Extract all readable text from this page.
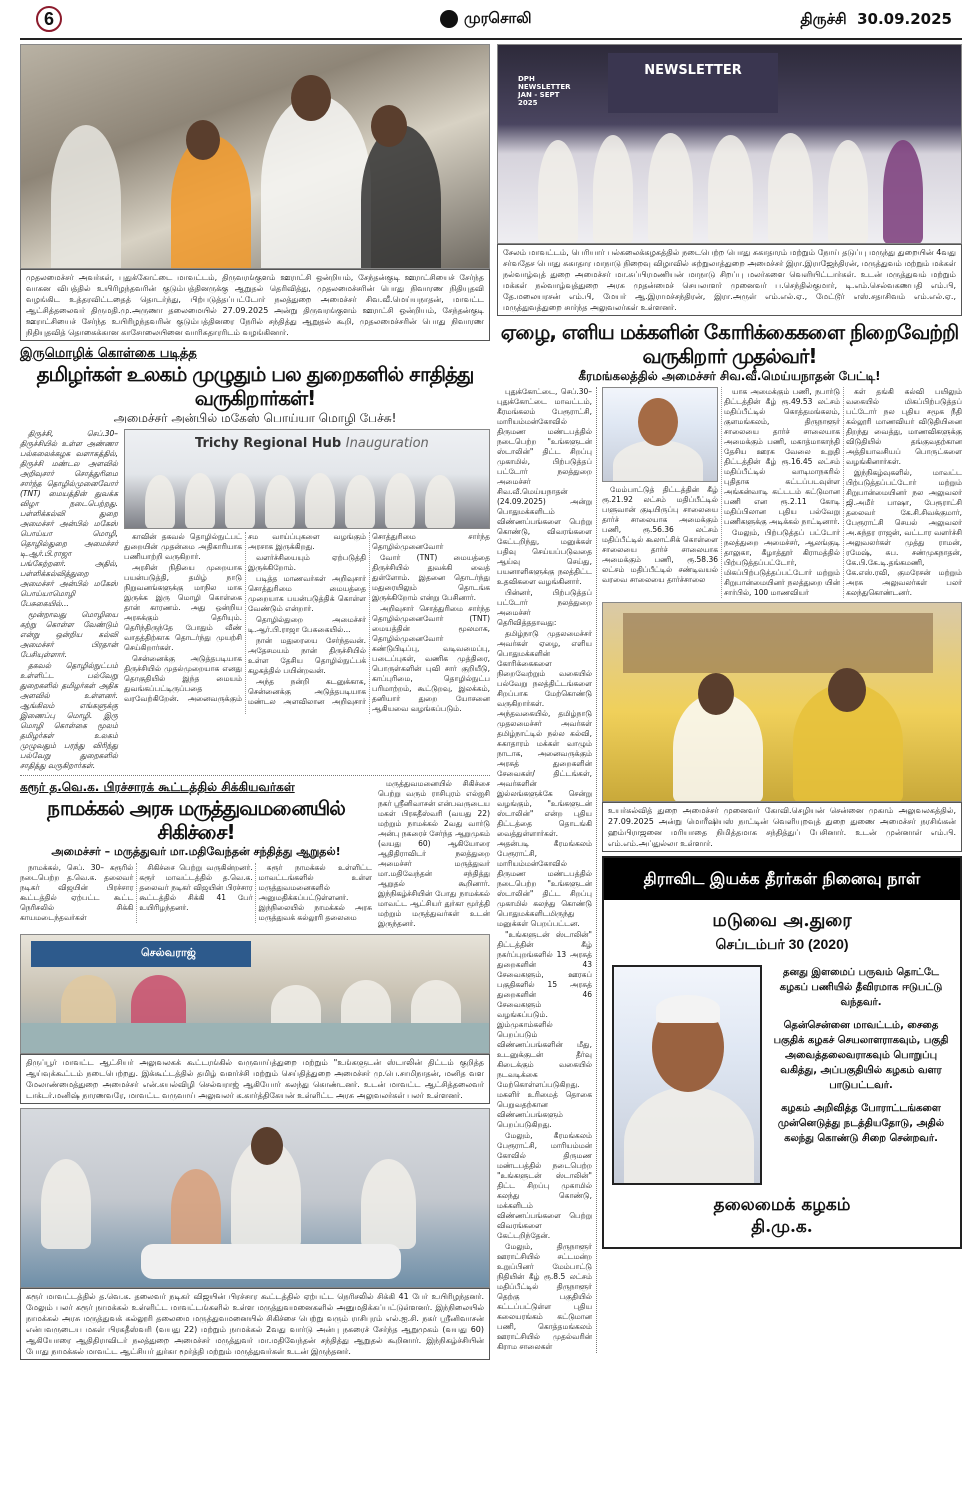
6	முரசொலி	திருச்சி 30.09.2025
முதலமைச்சர் அவர்கள், புதுக்கோட்டை மாவட்டம், திருவரங்குளம் ஊராட்சி ஒன்றியம், சேந்தன்குடி ஊராட்சியைச் சேர்ந்த வாகன விபத்தில் உயிரிழந்தவரின் குடும்பத்தினருக்கு ஆறுதல் தெரிவித்து, முதலமைச்சரின் பொது நிவாரண நிதியுதவி வழங்கிட உத்தரவிட்டதைத் தொடர்ந்து, பிற்படுத்தப்பட்டோர் நலத்துறை அமைச்சர் சிவ.வீ.மெய்யநாதன், மாவட்ட ஆட்சித்தலைவர் திருமதி.மு.அருணா தலைமையில் 27.09.2025 அன்று திருவரங்குளம் ஊராட்சி ஒன்றியம், சேந்தன்குடி ஊராட்சியைச் சேர்ந்த உயிரிழந்தவரின் குடும்பத்தினரை நேரில் சந்தித்து ஆறுதல் கூறி, முதலமைச்சரின் பொது நிவாரண நிதியுதவித் தொகைக்கான காசோலையினை வாரிசுதாரரிடம் வழங்கினார்.
இருமொழிக் கொள்கை படித்த
தமிழர்கள் உலகம் முழுதும் பல துறைகளில் சாதித்து வருகிறார்கள்!
அமைச்சர் அன்பில் மகேஸ் பொய்யா மொழி பேச்சு!

திருச்சி, செப்.30– திருச்சியில் உள்ள அண்ணா பல்கலைக்கழக வளாகத்தில், திருச்சி மண்டல அளவில் அறிவுசார் சொத்துரிமை சார்ந்த தொழில்முனைவோர் (TNT) மையத்தின் துவக்க விழா நடைபெற்றது. பள்ளிக்கல்வி துறை அமைச்சர் அன்பில் மகேஸ் பொய்யா மொழி, தொழில்துறை அமைச்சர் டி.ஆர்.பி.ராஜா பங்கேற்றனர். அதில், பள்ளிக்கல்வித்துறை அமைச்சர் அன்பில் மகேஸ் பொய்யாமொழி பேசுகையில்...

மூன்றாவது மொழியை கற்று கொள்ள வேண்டும் என்று ஒன்றிய கல்வி அமைச்சர் பிரதான் பேசியுள்ளார்.

தகவல் தொழில்நுட்பம் உள்ளிட்ட பல்வேறு துறைகளில் தமிழர்கள் அதிக அளவில் உள்ளனர். ஆங்கிலம் எங்களுக்கு இணைப்பு மொழி. இரு மொழி கொள்கை மூலம் தமிழர்கள் உலகம் முழுவதும் பரந்து விரிந்து பல்வேறு துறைகளில் சாதித்து வருகிறார்கள்.

Trichy Regional Hub Inauguration

காவின் தகவல் தொழில்நுட்பட் துறையின் முதன்மை அதிகாரியாக பணியாற்றி வருகிறார்.

அரசின் நிதியை முறையாக பயன்படுத்தி, தமிழ் நாடு நிறுவனங்களுக்கு மாநில மாக இருக்க இரு மொழி கொள்கை தான் காரணம். அது ஒன்றிய அரசுக்கும் தெரியும். தெரிந்திருந்தே போதும் வீண் வாதத்திற்காக தொடர்ந்து முயற்சி செய்கிறார்கள்.

சென்னைக்கு அடுத்தபடியாக திருச்சியில் முதல்முறையாக எனது தொகுதியில் இந்த மையம் துவங்கப்பட்டிருப்பதை வரவேற்கிறேன். அனைவருக்கும் சம வாய்ப்புகளை வழங்கும் அரசாக இருக்கிறது.

வளர்ச்சியையும் ஏற்படுத்தி இருக்கிறோம்.

படித்த மாணவர்கள் அறிவுசார் சொத்துரிமை மையத்தை முறையாக பயன்படுத்திக் கொள்ள வேண்டும் என்றார்.

தொழில்துறை அமைச்சர் டி.ஆர்.பி.ராஜா பேசுகையில்...

நான் மதுரையை சேர்ந்தவன். அதேசமயம் நான் திருச்சியில் உள்ள தேசிய தொழில்நுட்பக் கழகத்தில் பயின்றவன்.

அந்த நன்றி கடனுக்காக, சென்னைக்கு அடுத்தபடியாக மண்டல அளவிலான அறிவுசார் சொத்துரிமை சார்ந்த தொழில்முனைவோர்

வோர் (TNT) மையத்தை திருச்சியில் துவக்கி வைத் துள்ளோம். இதனை தொடர்ந்து மதுரையிலும் தொடங்க இருக்கிறோம் என்று பேசினார்.

அறிவுசார் சொத்துரிமை சார்ந்த தொழில்முனைவோர் (TNT) மையத்தின் மூலமாக, தொழில்முனைவோர் கண்டுபிடிப்பு, வடிவமைப்பு, படைப்புகள், வணிக முத்திரை, பொருள்களின் புவி சார் குறியீடு, காப்புரிமை, தொழில்நுட்ப பரிமாற்றம், கூட்டுறவு, இலக்கம், தனியார் துறை யோசனை ஆகியவை வழங்கப்படும்.

கரூர் த.வெ.க. பிரச்சாரக் கூட்டத்தில் சிக்கியவர்கள்
நாமக்கல் அரசு மருத்துவமனையில் சிகிச்சை!
அமைச்சர் – மருத்துவர் மா.மதிவேந்தன் சந்தித்து ஆறுதல்!

நாமக்கல், செப். 30– கரூரில் நடைபெற்ற த.வெ.க. தலைவர் நடிகர் விஜயின் பிரச்சார கூட்டத்தில் ஏற்பட்ட கூட்ட நெரிசலில் சிக்கி காயமடைந்தவர்கள்

சிகிச்சை பெற்று வருகின்றனர். கரூர் மாவட்டத்தில் த.வெ.க. தலைவர் நடிகர் விஜயின் பிரச்சார கூட்டத்தில் சிக்கி 41 பேர் உயிரிழந்தனர்.

கரூர் நாமக்கல் உள்ளிட்ட மாவட்டங்களில் உள்ள மருத்துவமனைகளில் அனுமதிக்கப்பட்டுள்ளனர். இந்நிலையில் நாமக்கல் அரசு மருத்துவக் கல்லூரி தலைமை

மருத்துவமனையில் சிகிச்சை பெற்று வரும் ராசிபுரம் எல்ஐசி நகர் ஸ்ரீனிவாசன் என்பவருடைய மகள் பிரகதீஸ்வரி (வயது 22) மற்றும் நாமக்கல் 2வது வார்டு அன்பு நகரைச் சேர்ந்த ஆறுமுகம் (வயது 60) ஆகியோரை ஆதிதிராவிடர் நலத்துறை அமைச்சர் மருத்துவர் மா.மதிவேந்தன் சந்தித்து ஆறுதல் கூறினார். இந்நிகழ்ச்சியின் போது நாமக்கல் மாவட்ட ஆட்சியர் துர்கா மூர்த்தி மற்றும் மருத்துவர்கள் உடன் இருந்தனர்.

செல்வராஜ்
திருப்பூர் மாவட்ட ஆட்சியர் அலுவலகக் கூட்டரங்கில் வருவாய்த்துறை மற்றும் "உங்களுடன் ஸ்டாலின் திட்டம் குறித்த ஆய்வுக்கூட்டம் நடைபெற்றது. இக்கூட்டத்தில் தமிழ் வளர்ச்சி மற்றும் செய்தித்துறை அமைச்சர் மு.பெ.சாமிநாதன், மனித வள மேலாண்மைத்துறை அமைச்சர் என்.கயல்விழி செல்வராஜ் ஆகியோர் கலந்து கொண்டனர். உடன் மாவட்ட ஆட்சித்தலைவர் டாக்டர்.மனிஷ் நாரணவரே, மாவட்ட வருவாய் அலுவலர் க.கார்த்திகேயன் உள்ளிட்ட அரசு அலுவலர்கள் பலர் உள்ளனர்.
கரூர் மாவட்டத்தில் த.வெ.க. தலைவர் நடிகர் விஜயின் பிரச்சார கூட்டத்தில் ஏற்பட்ட நெரிசலில் சிக்கி 41 பேர் உயிரிழந்தனர். மேலும் பலர் கரூர் நாமக்கல் உள்ளிட்ட மாவட்டங்களில் உள்ள மருத்துவமனைகளில் அனுமதிக்கப்பட்டுள்ளனர். இந்நிலையில் நாமக்கல் அரசு மருத்துவக் கல்லூரி தலைமை மருத்துவமனையில் சிகிச்சை பெற்று வரும் ராசிபுரம் எல்.ஐ.சி. நகர் ஸ்ரீனிவாசன் என்பவருடைய மகள் பிரகதீஸ்வரி (வயது 22) மற்றும் நாமக்கல் 2வது வார்டு அன்பு நகரைச் சேர்ந்த ஆறுமுகம் (வயது 60) ஆகியோரை ஆதிதிராவிடர் நலத்துறை அமைச்சர் மருத்துவர் மா.மதிவேந்தன் சந்தித்து ஆறுதல் கூறினார். இந்நிகழ்ச்சியின் போது நாமக்கல் மாவட்ட ஆட்சியர் துர்கா மூர்த்தி மற்றும் மருத்துவர்கள் உடன் இருந்தனர்.
NEWSLETTER
DPH NEWSLETTER JAN - SEPT 2025
சேலம் மாவட்டம், பெரியார் பல்கலைக்கழகத்தில் நடைபெற்ற பொது சுகாதாரம் மற்றும் நோய் தடுப்பு மருந்து துறையின் 4வது சர்வதேச பொது சுகாதார மாநாடு நிறைவு விழாவில் சுற்றுலாத்துறை அமைச்சர் இரா.இராஜேந்திரன், மருத்துவம் மற்றும் மக்கள் நல்வாழ்வுத் துறை அமைச்சர் மா.சுப்பிரமணியன் மாநாடு சிறப்பு மலர்களை வெளியிட்டார்கள். உடன் மருத்துவம் மற்றும் மக்கள் நல்வாழ்வுத்துறை அரசு முதன்மைச் செயலாளர் முனைவர் ப.செந்தில்குமார், டி.எம்.செல்வகணபதி எம்.பி, தே.மலையரசன் எம்.பி, மேயர் ஆ.இராமச்சந்திரன், இரா.அருள் எம்.எல்.ஏ., மேட்டூர் எஸ்.சதாசிவம் எம்.எல்.ஏ., மருத்துவத்துறை சார்ந்த அலுவலர்கள் உள்ளனர்.
ஏழை, எளிய மக்களின் கோரிக்கைகளை நிறைவேற்றி வருகிறார் முதல்வர்!
கீரமங்கலத்தில் அமைச்சர் சிவ.வீ.மெய்யநாதன் பேட்டி!

புதுக்கோட்டை, செப்.30– புதுக்கோட்டை மாவட்டம், கீரமங்கலம் பேரூராட்சி, மாரியம்மன்கோவில் திருமண மண்டபத்தில் நடைபெற்ற "உங்களுடன் ஸ்டாலின்" திட்ட சிறப்பு முகாமில், பிற்படுத்தப் பட்டோர் நலத்துறை அமைச்சர் சிவ.வீ.மெய்யநாதன் (24.09.2025) அன்று பொதுமக்களிடம் விண்ணப்பங்களை பெற்று கொண்டு, விவரங்களை கேட்டறிந்து, மனுக்கள் பதிவு செய்யப்படுவதை ஆய்வு செய்து, பயனாளிகளுக்கு நலத்திட்ட உதவிகளை வழங்கினார்.

பின்னர், பிற்படுத்தப் பட்டோர் நலத்துறை அமைச்சர் தெரிவித்ததாவது:

தமிழ்நாடு முதலமைச்சர் அவர்கள் ஏழை, எளிய பொதுமக்களின் கோரிக்கைகளை நிறைவேற்றும் வகையில் பல்வேறு நலத்திட்டங்களை சிறப்பாக மேற்கொண்டு வருகிறார்கள். அந்தவகையில், தமிழ்நாடு முதலமைச்சர் அவர்கள் தமிழ்நாட்டில் நல்ல கல்வி, சுகாதாரம் மக்கள் வாழும் நாடாக, அனைவருக்கும் அரசுத் துறைகளின் சேவைகள்/ திட்டங்கள், அவர்களின் இல்லங்களுக்கே சென்று வழங்கும், "உங்களுடன் ஸ்டாலின்" என்ற புதிய திட்டத்தை தொடங்கி வைத்துள்ளார்கள். அதன்படி கீரமங்கலம் பேரூராட்சி, மாரியம்மன்கோவில் திருமண மண்டபத்தில் நடைபெற்ற "உங்களுடன் ஸ்டாலின்" திட்ட சிறப்பு முகாமில் கலந்து கொண்டு பொதுமக்களிடமிருந்து மனுக்கள் பெறப்பட்டன.

"உங்களுடன் ஸ்டாலின்" திட்டத்தின் கீழ் நகர்ப்புறங்களில் 13 அரசுத் துறைகளின் 43 சேவைகளும், ஊரகப் பகுதிகளில் 15 அரசுத் துறைகளின் 46 சேவைகளும் வழங்கப்படும். இம்முகாம்களில் பெறப்படும் விண்ணப்பங்களின் மீது, உடனுக்குடன் தீர்வு கிடைக்கும் வகையில் நடவடிக்கை மேற்கொள்ளப்படுகிறது. மகளிர் உரிமைத் தொகை பெறுவதற்கான விண்ணப்பங்களும் பெறப்படுகிறது.

மேலும், கீரமங்கலம் பேரூராட்சி, மாரியம்மன் கோவில் திருமண மண்டபத்தில் நடைபெற்ற "உங்களுடன் ஸ்டாலின்" திட்ட சிறப்பு முகாமில் கலந்து கொண்டு, மக்களிடம் விண்ணப்பங்களை பெற்று விவரங்களை கேட்டறிந்தேன்.

மேலும், திருநாளூர் ஊராட்சியில் சட்டமன்ற உறுப்பினர் மேம்பாட்டு நிதியின் கீழ் ரூ.8.5 லட்சம் மதிப்பீட்டில் திருநாளூர் தெற்கு பகுதியில் கட்டப்பட்டுள்ள புதிய கலையரங்கம் கட்டுமான பணி, கொத்தமங்கலம் ஊராட்சியில் முதல்வரின் கிராம சாலைகள்

மேம்பாட்டுத் திட்டத்தின் கீழ் ரூ.21.92 லட்சம் மதிப்பீட்டில் பளுவான் குடியிருப்பு சாலையை தார்ச் சாலையாக அமைக்கும் பணி, ரூ.56.36 லட்சம் மதிப்பீட்டில் கூலாட்சிக் கொள்ளை சாலையை தார்ச் சாலையாக அமைக்கும் பணி, ரூ.58.36 லட்சம் மதிப்பீட்டில் சண்டிவயல் வரவை சாலையை தார்ச்சாலை

யாக அமைக்கும் பணி, நபார்டு திட்டத்தின் கீழ் ரூ.49.53 லட்சம் மதிப்பீட்டில் கொத்தமங்கலம், குளமங்கலம், திருநாளூர் சாலையை தார்ச் சாலையாக அமைக்கும் பணி, மகாத்மாகாந்தி தேசிய ஊரக வேலை உறுதி திட்டத்தின் கீழ் ரூ.16.45 லட்சம் மதிப்பீட்டில் வாடிமாநகரில் புதிதாக கட்டப்படவுள்ள அங்கன்வாடி கட்டடம் கட்டுமான பணி என ரூ.2.11 கோடி மதிப்பிலான புதிய பல்வேறு பணிகளுக்கு அடிக்கல் நாட்டினார்.

மேலும், பிற்படுத்தப் பட்டோர் நலத்துறை அமைச்சர், ஆலங்குடி தாலுகா, கீழாத்தூர் கிராமத்தில் பிற்படுத்தப்பட்டோர், மிகப்பிற்படுத்தப்பட்டோர் மற்றும் சிறுபான்மையினர் நலத்துறை யின் சார்பில், 100 மாணவியர்

கள் தங்கி கல்வி பயிலும் வகையில் மிகப்பிற்படுத்தப் பட்டோர் நல புதிய சமூக நீதி கல்லூரி மாணவியர் விடுதியினை திறந்து வைத்து, மாணவிகளுக்கு விடுதியில் தங்குவதற்கான அத்தியாவசியப் பொருட்களை வழங்கினார்கள்.

இந்நிகழ்வுகளில், மாவட்ட பிற்படுத்தப்பட்டோர் மற்றும் சிறுபான்மையினர் நல அலுவலர் ஜி.அமீர் பாஷா, பேரூராட்சி தலைவர் கே.சி.சிவக்குமார், பேரூராட்சி செயல் அலுவலர் அ.சுந்தர ராஜன், வட்டார வளர்ச்சி அலுவலர்கள் முத்து ராமன், ரமேஷ், சுப. சண்முகநாதன், கே.பி.கே.டி.தங்கமணி, கே.எஸ்.ரவி, குமரேசன் மற்றும் அரசு அலுவலர்கள் பலர் கலந்துகொண்டனர்.

உயர்கல்வித் துறை அமைச்சர் முனைவர் கோவி.செழியன் சென்னை முகாம் அலுவலகத்தில், 27.09.2025 அன்று மொரீஷியஸ் நாட்டின் வெளியுறவுத் துறை துணை அமைச்சர் நரசிங்கன் ஹம்பிராஜனை மரியாதை நிமித்தமாக சந்தித்துப் பேசினார். உடன் முன்னாள் எம்.பி. எம்.எம்.அப்துல்லா உள்ளார்.
திராவிட இயக்க தீரர்கள் நினைவு நாள்
மடுவை அ.துரை
செப்டம்பர் 30 (2020)

தனது இளமைப் பருவம் தொட்டே கழகப் பணியில் தீவிரமாக ஈடுபட்டு வந்தவர்.

தென்சென்னை மாவட்டம், சைதை பகுதிக் கழகச் செயலாளராகவும், பகுதி அவைத்தலைவராகவும் பொறுப்பு வகித்து, அப்பகுதியில் கழகம் வளர பாடுபட்டவர்.

கழகம் அறிவித்த போராட்டங்களை முன்னெடுத்து நடத்தியதோடு, அதில் கலந்து கொண்டு சிறை சென்றவர்.

தலைமைக் கழகம்
தி.மு.க.
